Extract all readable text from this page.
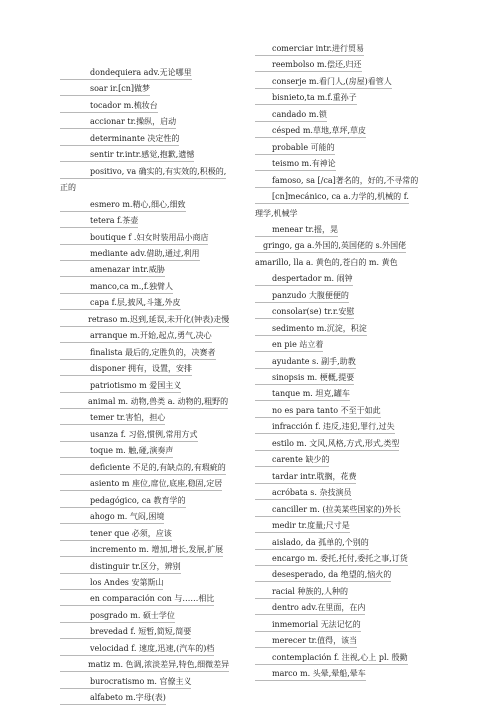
dondequiera adv.无论哪里
soar ir.[cn]做梦
tocador m.梳妆台
accionar tr.操纵，启动
determinante 决定性的
sentir tr.intr.感觉,抱歉,遗憾
positivo, va 确实的,有实效的,积极的,
正的
esmero m.精心,细心,细致
tetera f.茶壶
boutique f .妇女时装用品小商店
mediante adv.借助,通过,利用
amenazar intr.威胁
manco,ca m.,f.独臂人
capa f.层,披风,斗篷,外皮
retraso m.迟到,延误,未开化(钟表)走慢
arranque m.开始,起点,勇气,决心
finalista 最后的,定胜负的，决赛者
disponer 拥有，设置，安排
patriotismo m 爱国主义
animal m. 动物,兽类 a. 动物的,粗野的
temer tr.害怕，担心
usanza f. 习俗,惯例,常用方式
toque m. 触,碰,演奏声
deficiente 不足的,有缺点的,有瑕疵的
asiento m 座位,席位,底座,稳固,定居
pedagógico, ca 教育学的
ahogo m. 气闷,困境
tener que 必须，应该
incremento m. 增加,增长,发展,扩展
distinguir tr.区分，辨别
los Andes 安第斯山
en comparación con 与……相比
posgrado m. 硕士学位
brevedad f. 短暂,简短,简要
velocidad f. 速度,迅速,(汽车的)档
matiz m. 色调,浓淡差异,特色,细微差异
burocratismo m. 官僚主义
alfabeto m.字母(表)
comerciar intr.进行贸易
reembolso m.偿还,归还
conserje m.看门人,(房屋)看管人
bisnieto,ta m.f.重孙子
candado m.锁
césped m.草地,草坪,草皮
probable 可能的
teismo m.有神论
famoso, sa [/ca]著名的，好的,不寻常的
[cn]mecánico, ca a.力学的,机械的 f.
理学,机械学
menear tr.摇，晃
gringo, ga a.外国的,英国佬的 s.外国佬
amarillo, lla a. 黄色的,苍白的 m. 黄色
despertador m. 闹钟
panzudo 大腹便便的
consolar(se) tr.r.安慰
sedimento m.沉淀，积淀
en pie 站立着
ayudante s. 副手,助教
sinopsis m. 梗概,提要
tanque m. 坦克,罐车
no es para tanto 不至于如此
infracción f. 违反,违犯,罪行,过失
estilo m. 文风,风格,方式,形式,类型
carente 缺少的
tardar intr.耽搁，花费
acróbata s. 杂技演员
canciller m. (拉美某些国家的)外长
medir tr.度量;尺寸是
aislado, da 孤单的,个别的
encargo m. 委托,托付,委托之事,订货
desesperado, da 绝望的,恼火的
racial 种族的,人种的
dentro adv.在里面，在内
inmemorial 无法记忆的
merecer tr.值得，该当
contemplación f. 注视,心上 pl. 殷勤
marco m. 头晕,晕船,晕车
